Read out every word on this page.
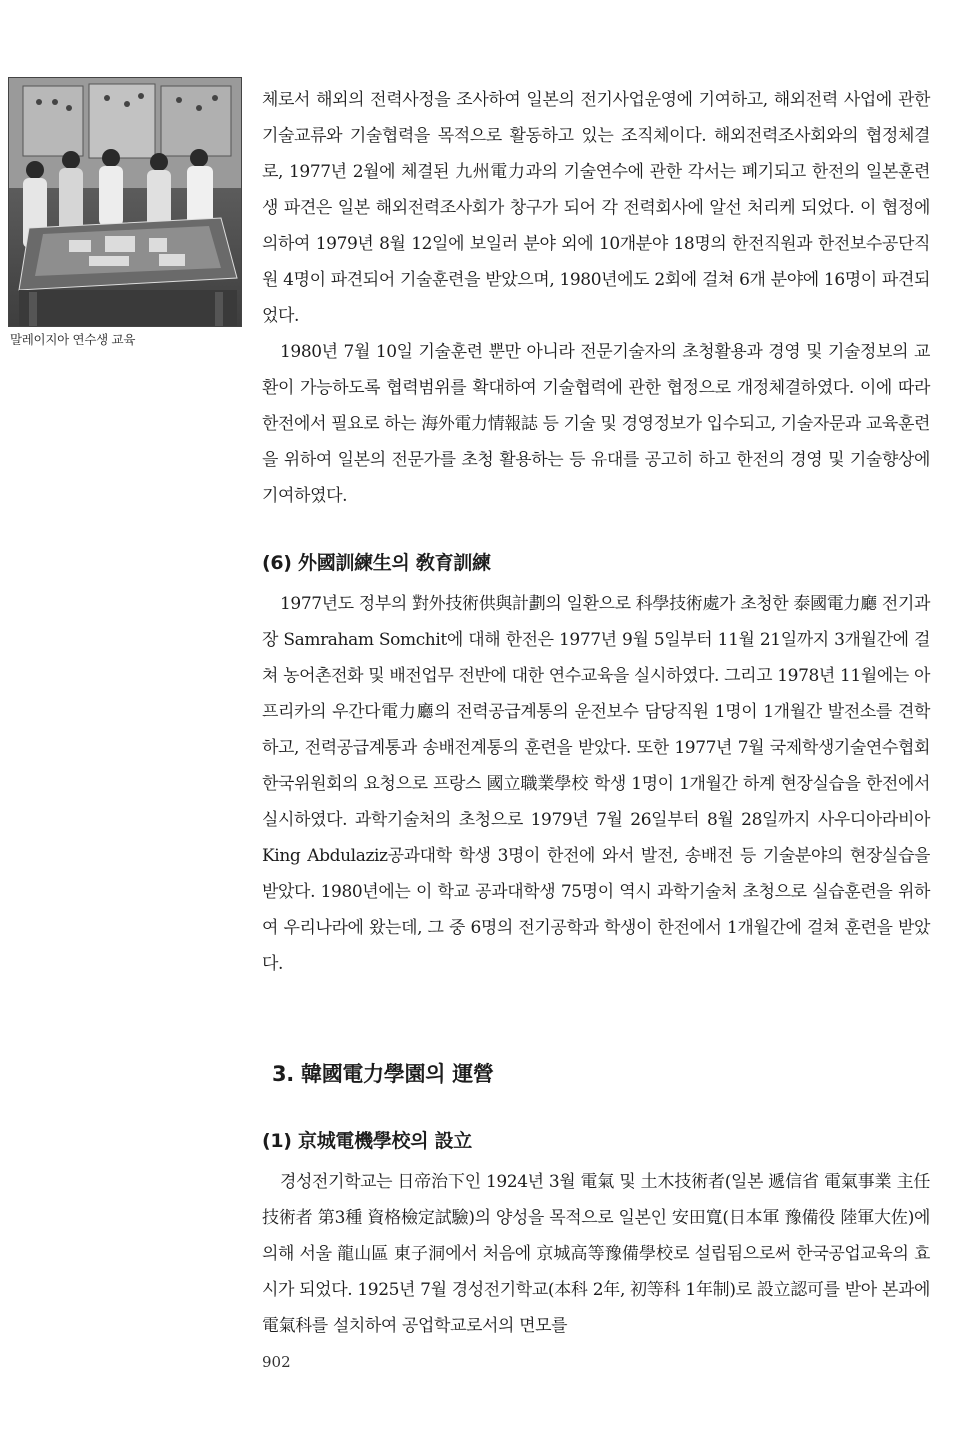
말레이지아 연수생 교육

체로서 해외의 전력사정을 조사하여 일본의 전기사업운영에 기여하고, 해외전력 사업에 관한 기술교류와 기술협력을 목적으로 활동하고 있는 조직체이다. 해외전력조사회와의 협정체결로, 1977년 2월에 체결된 九州電力과의 기술연수에 관한 각서는 폐기되고 한전의 일본훈련생 파견은 일본 해외전력조사회가 창구가 되어 각 전력회사에 알선 처리케 되었다. 이 협정에 의하여 1979년 8월 12일에 보일러 분야 외에 10개분야 18명의 한전직원과 한전보수공단직원 4명이 파견되어 기술훈련을 받았으며, 1980년에도 2회에 걸쳐 6개 분야에 16명이 파견되었다.

1980년 7월 10일 기술훈련 뿐만 아니라 전문기술자의 초청활용과 경영 및 기술정보의 교환이 가능하도록 협력범위를 확대하여 기술협력에 관한 협정으로 개정체결하였다. 이에 따라 한전에서 필요로 하는 海外電力情報誌 등 기술 및 경영정보가 입수되고, 기술자문과 교육훈련을 위하여 일본의 전문가를 초청 활용하는 등 유대를 공고히 하고 한전의 경영 및 기술향상에 기여하였다.

(6) 外國訓練生의 敎育訓練

1977년도 정부의 對外技術供與計劃의 일환으로 科學技術處가 초청한 泰國電力廳 전기과장 Samraham Somchit에 대해 한전은 1977년 9월 5일부터 11월 21일까지 3개월간에 걸쳐 농어촌전화 및 배전업무 전반에 대한 연수교육을 실시하였다. 그리고 1978년 11월에는 아프리카의 우간다電力廳의 전력공급계통의 운전보수 담당직원 1명이 1개월간 발전소를 견학하고, 전력공급계통과 송배전계통의 훈련을 받았다. 또한 1977년 7월 국제학생기술연수협회 한국위원회의 요청으로 프랑스 國立職業學校 학생 1명이 1개월간 하계 현장실습을 한전에서 실시하였다. 과학기술처의 초청으로 1979년 7월 26일부터 8월 28일까지 사우디아라비아 King Abdulaziz공과대학 학생 3명이 한전에 와서 발전, 송배전 등 기술분야의 현장실습을 받았다. 1980년에는 이 학교 공과대학생 75명이 역시 과학기술처 초청으로 실습훈련을 위하여 우리나라에 왔는데, 그 중 6명의 전기공학과 학생이 한전에서 1개월간에 걸쳐 훈련을 받았다.

3. 韓國電力學園의 運營
(1) 京城電機學校의 設立

경성전기학교는 日帝治下인 1924년 3월 電氣 및 土木技術者(일본 遞信省 電氣事業 主任技術者 第3種 資格檢定試驗)의 양성을 목적으로 일본인 安田寬(日本軍 豫備役 陸軍大佐)에 의해 서울 龍山區 東子洞에서 처음에 京城高等豫備學校로 설립됨으로써 한국공업교육의 효시가 되었다. 1925년 7월 경성전기학교(本科 2年, 初等科 1年制)로 設立認可를 받아 본과에 電氣科를 설치하여 공업학교로서의 면모를

902
